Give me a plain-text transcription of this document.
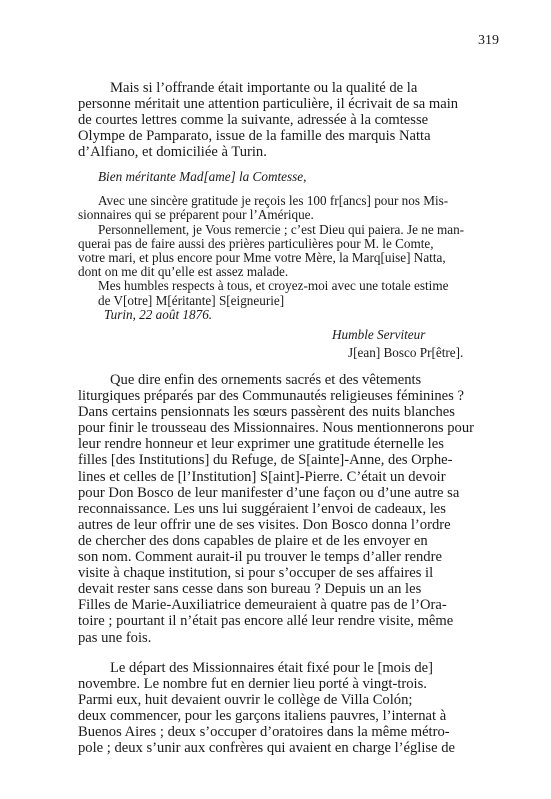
319
Mais si l’offrande était importante ou la qualité de la
personne méritait une attention particulière, il écrivait de sa main
de courtes lettres comme la suivante, adressée à la comtesse
Olympe de Pamparato, issue de la famille des marquis Natta
d’Alfiano, et domiciliée à Turin.
Bien méritante Mad[ame] la Comtesse,
Avec une sincère gratitude je reçois les 100 fr[ancs] pour nos Mis-
sionnaires qui se préparent pour l’Amérique.
Personnellement, je Vous remercie ; c’est Dieu qui paiera. Je ne man-
querai pas de faire aussi des prières particulières pour M. le Comte,
votre mari, et plus encore pour Mme votre Mère, la Marq[uise] Natta,
dont on me dit qu’elle est assez malade.
Mes humbles respects à tous, et croyez-moi avec une totale estime
de V[otre] M[éritante] S[eigneurie]
Turin, 22 août 1876.
Humble Serviteur
J[ean] Bosco Pr[être].
Que dire enfin des ornements sacrés et des vêtements
liturgiques préparés par des Communautés religieuses féminines ?
Dans certains pensionnats les sœurs passèrent des nuits blanches
pour finir le trousseau des Missionnaires. Nous mentionnerons pour
leur rendre honneur et leur exprimer une gratitude éternelle les
filles [des Institutions] du Refuge, de S[ainte]-Anne, des Orphe-
lines et celles de [l’Institution] S[aint]-Pierre. C’était un devoir
pour Don Bosco de leur manifester d’une façon ou d’une autre sa
reconnaissance. Les uns lui suggéraient l’envoi de cadeaux, les
autres de leur offrir une de ses visites. Don Bosco donna l’ordre
de chercher des dons capables de plaire et de les envoyer en
son nom. Comment aurait-il pu trouver le temps d’aller rendre
visite à chaque institution, si pour s’occuper de ses affaires il
devait rester sans cesse dans son bureau ? Depuis un an les
Filles de Marie-Auxiliatrice demeuraient à quatre pas de l’Ora-
toire ; pourtant il n’était pas encore allé leur rendre visite, même
pas une fois.
Le départ des Missionnaires était fixé pour le [mois de]
novembre. Le nombre fut en dernier lieu porté à vingt-trois.
Parmi eux, huit devaient ouvrir le collège de Villa Colón;
deux commencer, pour les garçons italiens pauvres, l’internat à
Buenos Aires ; deux s’occuper d’oratoires dans la même métro-
pole ; deux s’unir aux confrères qui avaient en charge l’église de
